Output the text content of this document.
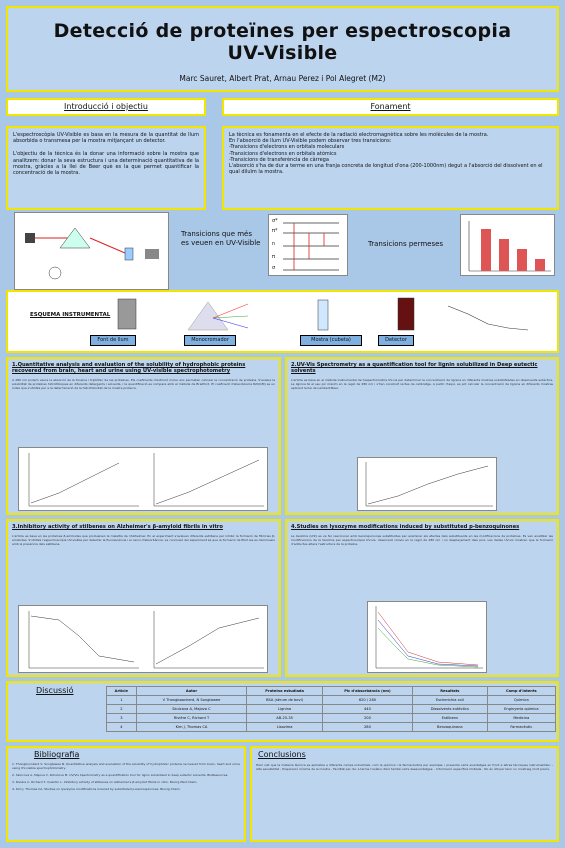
Detecció de proteïnes per espectroscopia
UV-Visible
Marc Sauret, Albert Prat, Arnau Perez i Pol Alegret (M2)
Introducció i objectiu	Fonament

L'espectroscòpia UV-Visible es basa en la mesura de la quantitat de llum absorbida o transmesa per la mostra mitjançant un detector.

L'objectiu de la tècnica és la donar una informació sobre la mostra que analitzem: donar la seva estructura i una determinació quantitativa de la mostra, gràcies a la llei de Beer què es la que permet quantificar la concentració de la mostra.

La tècnica es fonamenta en el efecte de la radiació electromagnètica sobre les molècules de la mostra.

En l'absorció de llum UV-Visible podem observar tres transicions:

-Transicions d'electrons en orbitals moleculars

-Transicions d'electrons en orbitals atòmics

-Transicions de transferència de càrrega

L'absorció s'ha de dur a terme en una franja concreta de longitud d'ona (200-1000nm) degut a l'absorció del dissolvent en el qual diluïm la mostra.

Transicions que més es veuen en UV-Visible
σ*
π*
n
π
σ
Transicions permeses
ESQUEMA INSTRUMENTAL
Font de llum	Monocromador	Mostra (cubeta)	Detector
1.Quantitative analysis and evaluation of the solubility of hydrophobic proteins recovered from brain, heart and urine using UV-visible spectrophotometry
A 280 nm podem veure la absorció de la tirosina i triptòfan de les proteïnes. Els coeficients d'extinció molar ens permeten calcular la concentració de proteïna. S'avalua la solubilitat de proteïnes hidrofòbiques en diferents detergents i solvents, i la quantificació es compara amb el mètode de Bradford. El coeficient d'absorbància 820(1M) es un índex que s'utilitza per a la determinació de la hidrofobicitat de la mostra proteica.
2.UV-Vis Spectrometry as a quantification tool for lignin solubilized in Deep eutectic solvents
L'article es basa en el mètode instrumental de l'espectrometria UV-vis per determinar la concentració de lignina en diferents mostres solubilitzades en dissolvents eutèctics. La lignina té el seu pic màxim en la regió de 280 nm i s'han construït rectes de calibratge. A partir d'aquí, es pot calcular la concentració de lignina en diferents mostres aplicant la llei de Lambert-Beer.
3.Inhibitory activity of stilbenes on Alzheimer's β-amyloid fibrils in vitro
L'article es basa en les proteïnes β-amiloides que produeixen la malaltia de l'Alzheimer. En el experiment s'avaluen diferents estilbens per inhibir la formació de fibril·les β-amiloides. S'utilitza l'espectroscòpia UV-visible per detectar la fluorescència i el canvi d'absorbància. La conclusió del experiment és que la formació de fibril·les es disminueix amb la presència dels estilbens.
4.Studies on lysozyme modifications induced by substituted p-benzoquinones
La lisozima (LYZ) es va fer reaccionar amb benzoquinones substituïdes per examinar els efectes dels substituents en les modificacions de proteïnes. Es van analitzar les modificacions de la lisozima per espectroscòpia UV-vis, observant canvis en la regió de 280 nm i un desplaçament dels pics. Les dades UV-vis mostren que la formació d'adductes altera l'estructura de la proteïna.
Discussió	Article	Autor	Proteïna estudiada	Pic d'absorbància (nm)	Resultats	Camp d'interès
1	V Thongboonkerd, N Songtawee	BSA (sèrum de boví)	620 / 280	Escherichia coli	Química
2	Skulcova A, Majova C	Lignina	440	Dissolvents eutèctics	Enginyeria química
3	Rivière C, Richard T	AB-25-35	200	Estilbens	Medicina
4	Kim J, Thomas CA	Lisozima	280	Benzoquinona	Farmacèutic
Bibliografia

1. Thongboonkerd V, Songtawee N. Quantitative analysis and evaluation of the solubility of hydrophobic proteins recovered from brain, heart and urine using UV-visible spectrophotometry.

2. Skulcova A, Majova V, Kohutova M. UV/Vis Spectrometry as a quantification tool for lignin solubilized in deep eutectic solvents. BioResources.

3. Rivière C, Richard T, Quentin L. Inhibitory activity of stilbenes on Alzheimer's β-amyloid fibrils in vitro. Bioorg Med Chem.

4. Kim J, Thomas CA. Studies on lysozyme modifications induced by substituted p-benzoquinones. Bioorg Chem.

Conclusions
Hem vist que la mateixa tècnica es aplicable a diferents camps industrials, com la química i la farmacèutica per exemple, i presenta certs avantatges en front a altres tècniques instrumentals: - Alta sensibilitat - Preparació mínima de la mostra - Facilitat per dur a terme l'anàlisi. Però també certs desavantatges: - Informació específica limitada - No és útil per tenir un mostreig molt precís.
